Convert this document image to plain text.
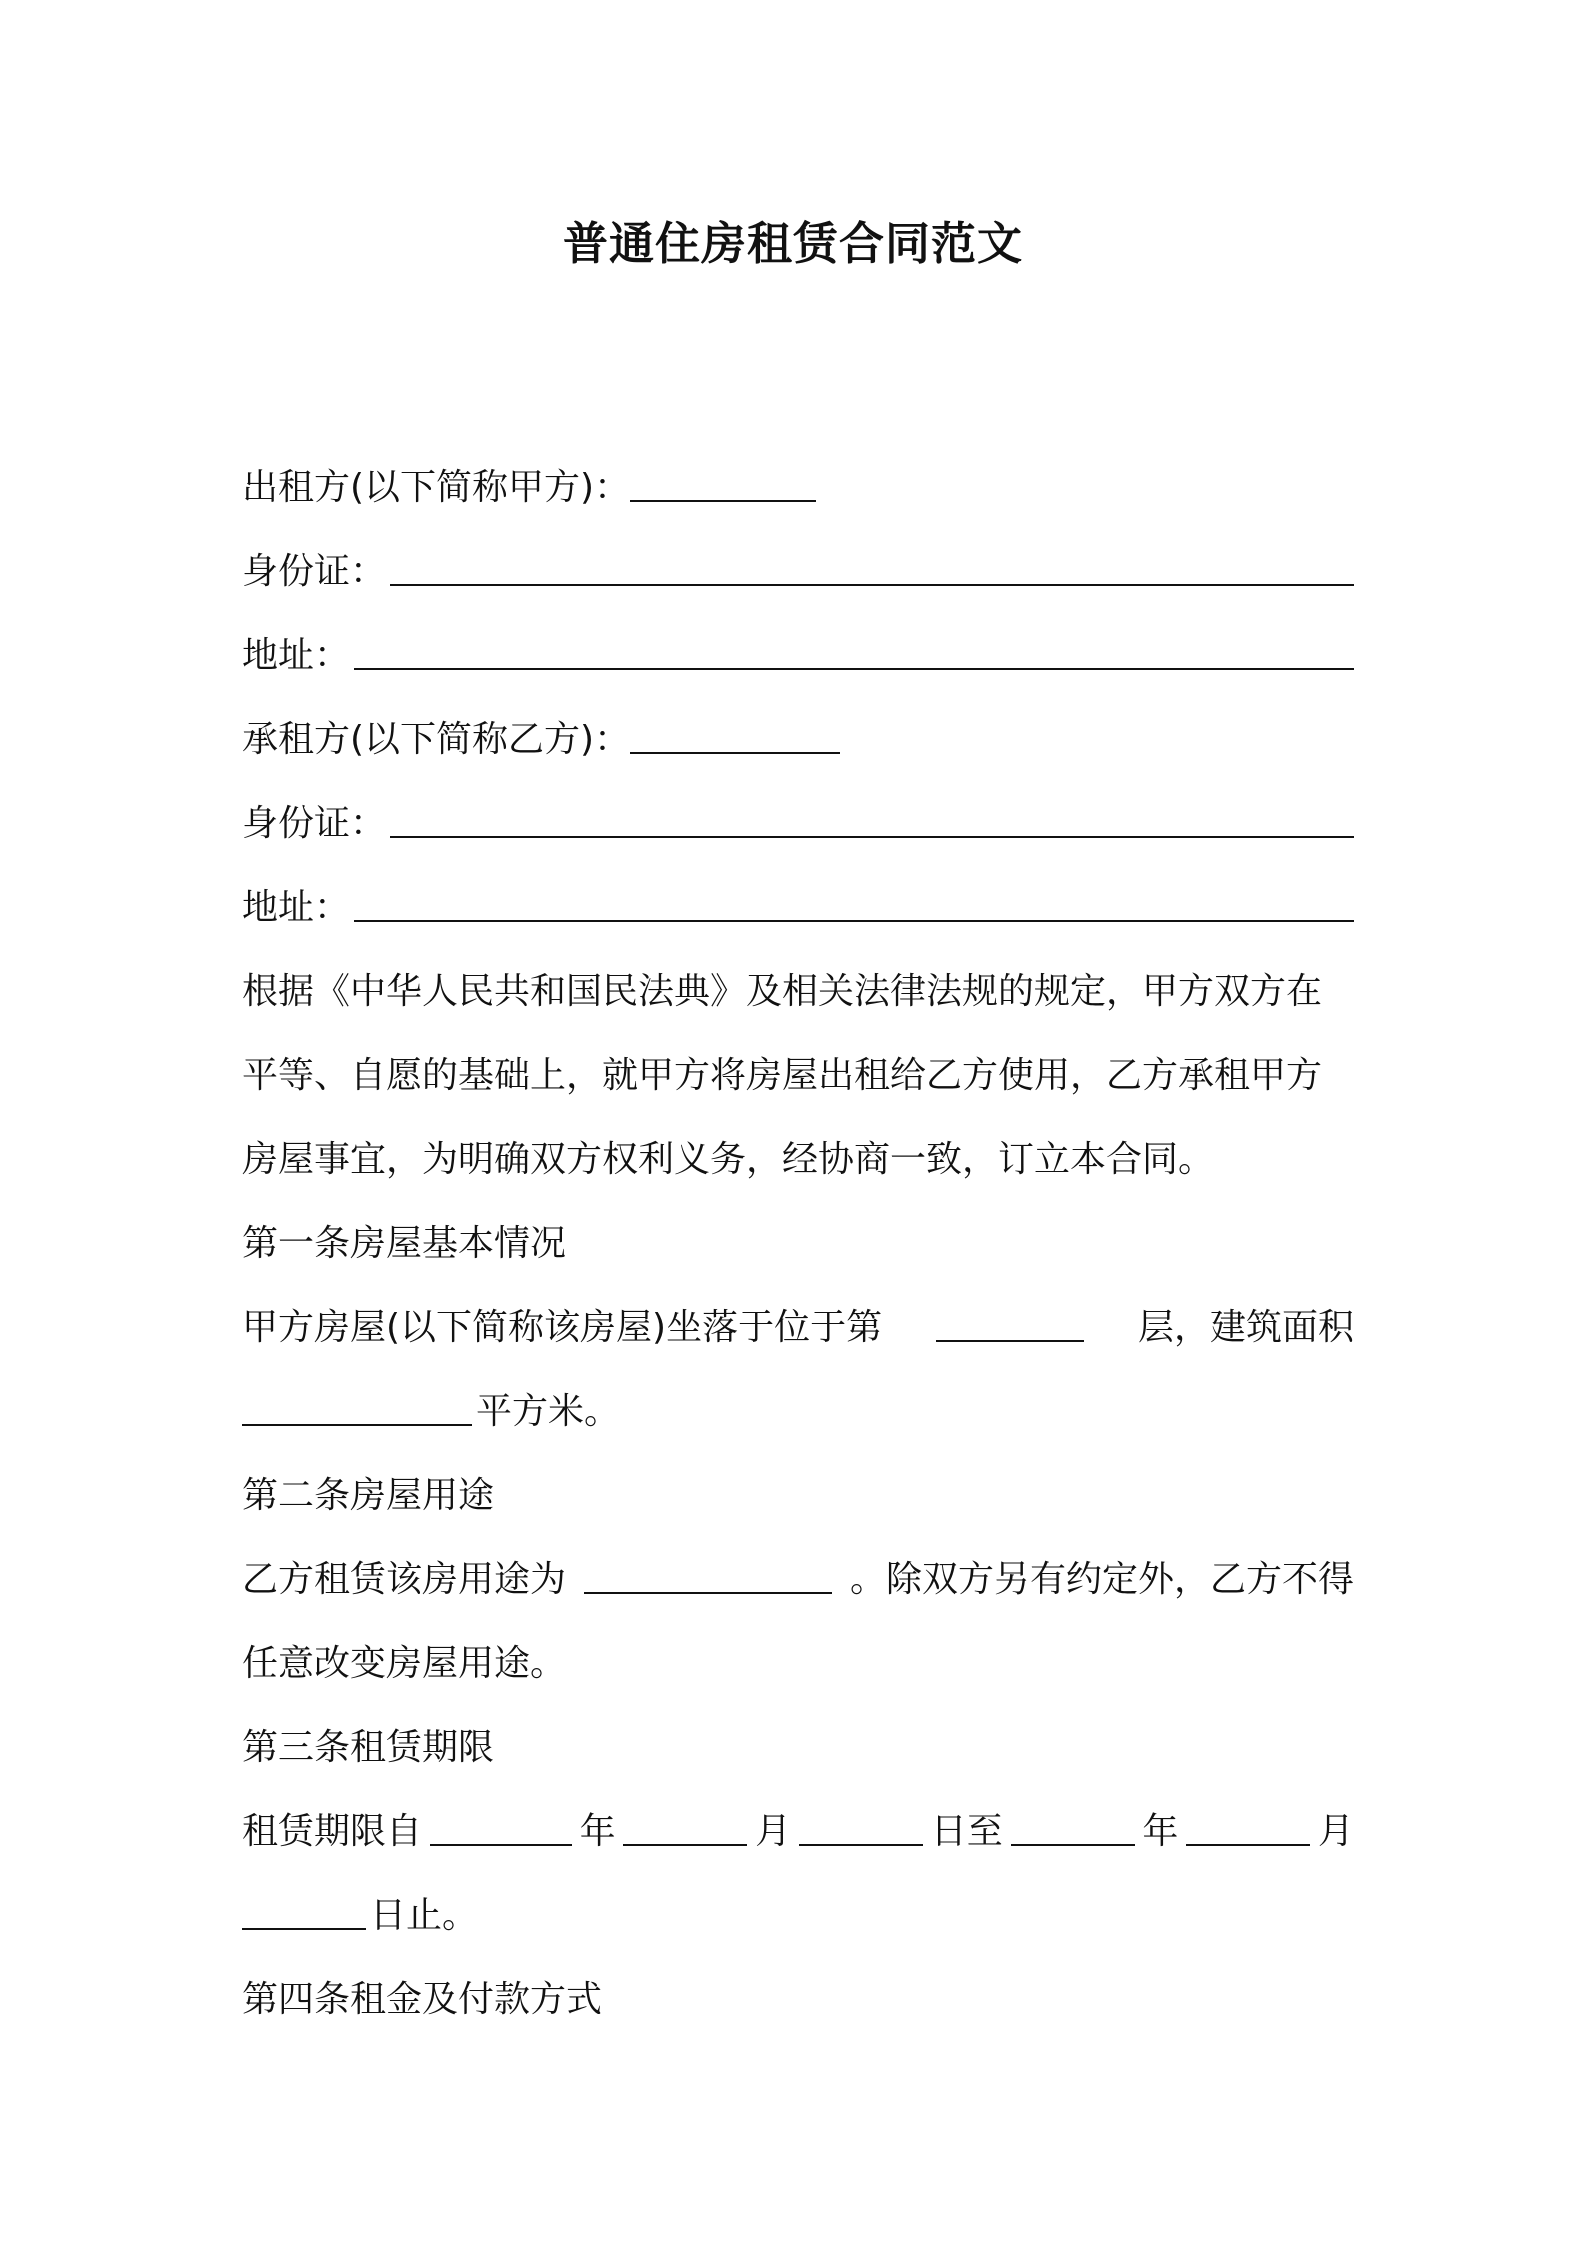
普通住房租赁合同范文
出租方(以下简称甲方)：
身份证：
地址：
承租方(以下简称乙方)：
身份证：
地址：
根据《中华人民共和国民法典》及相关法律法规的规定，甲方双方在
平等、自愿的基础上，就甲方将房屋出租给乙方使用，乙方承租甲方
房屋事宜，为明确双方权利义务，经协商一致，订立本合同。
第一条房屋基本情况
甲方房屋(以下简称该房屋)坐落于位于第	层，建筑面积
平方米。
第二条房屋用途
乙方租赁该房用途为	。除双方另有约定外，乙方不得
任意改变房屋用途。
第三条租赁期限
租赁期限自	年	月	日至	年	月
日止。
第四条租金及付款方式
